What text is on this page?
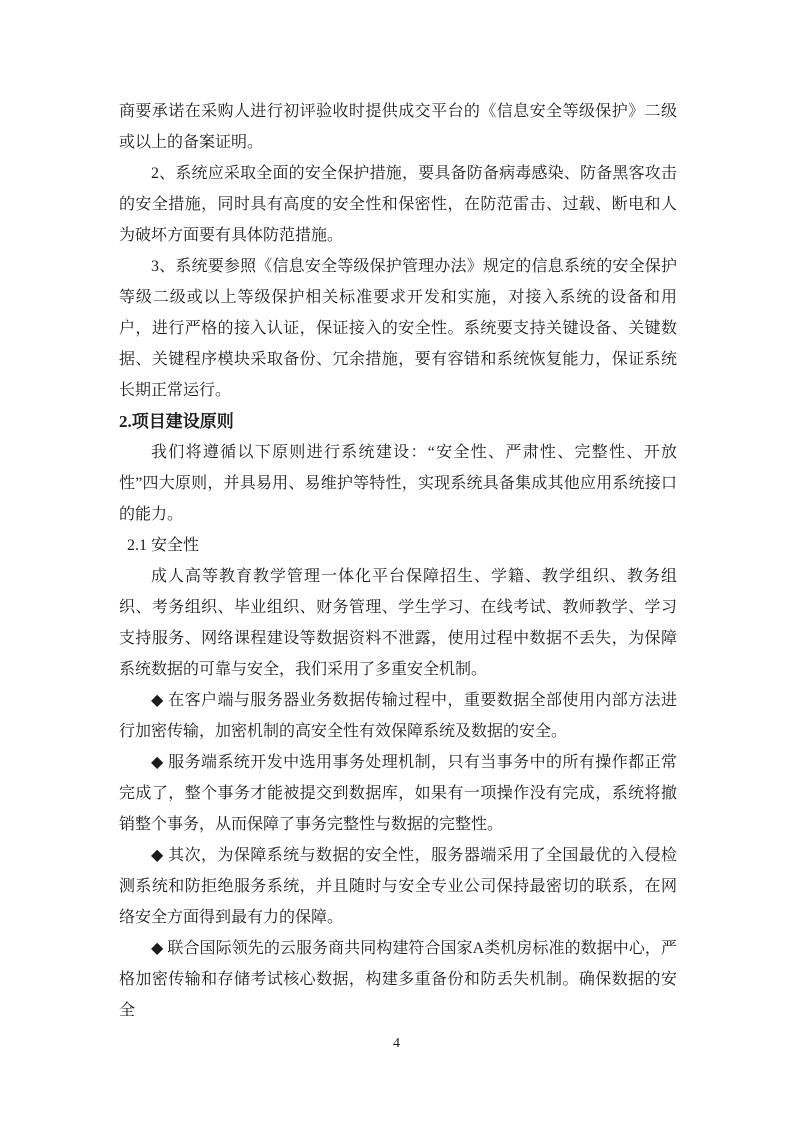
商要承诺在采购人进行初评验收时提供成交平台的《信息安全等级保护》二级或以上的备案证明。

2、系统应采取全面的安全保护措施，要具备防备病毒感染、防备黑客攻击的安全措施，同时具有高度的安全性和保密性，在防范雷击、过载、断电和人为破坏方面要有具体防范措施。

3、系统要参照《信息安全等级保护管理办法》规定的信息系统的安全保护等级二级或以上等级保护相关标准要求开发和实施，对接入系统的设备和用户，进行严格的接入认证，保证接入的安全性。系统要支持关键设备、关键数据、关键程序模块采取备份、冗余措施，要有容错和系统恢复能力，保证系统长期正常运行。

2.项目建设原则

我们将遵循以下原则进行系统建设：“安全性、严肃性、完整性、开放性”四大原则，并具易用、易维护等特性，实现系统具备集成其他应用系统接口的能力。

2.1 安全性

成人高等教育教学管理一体化平台保障招生、学籍、教学组织、教务组织、考务组织、毕业组织、财务管理、学生学习、在线考试、教师教学、学习支持服务、网络课程建设等数据资料不泄露，使用过程中数据不丢失，为保障系统数据的可靠与安全，我们采用了多重安全机制。

◆ 在客户端与服务器业务数据传输过程中，重要数据全部使用内部方法进行加密传输，加密机制的高安全性有效保障系统及数据的安全。

◆ 服务端系统开发中选用事务处理机制，只有当事务中的所有操作都正常完成了，整个事务才能被提交到数据库，如果有一项操作没有完成，系统将撤销整个事务，从而保障了事务完整性与数据的完整性。

◆ 其次，为保障系统与数据的安全性，服务器端采用了全国最优的入侵检测系统和防拒绝服务系统，并且随时与安全专业公司保持最密切的联系，在网络安全方面得到最有力的保障。

◆ 联合国际领先的云服务商共同构建符合国家A类机房标准的数据中心，严格加密传输和存储考试核心数据，构建多重备份和防丢失机制。确保数据的安全

4
